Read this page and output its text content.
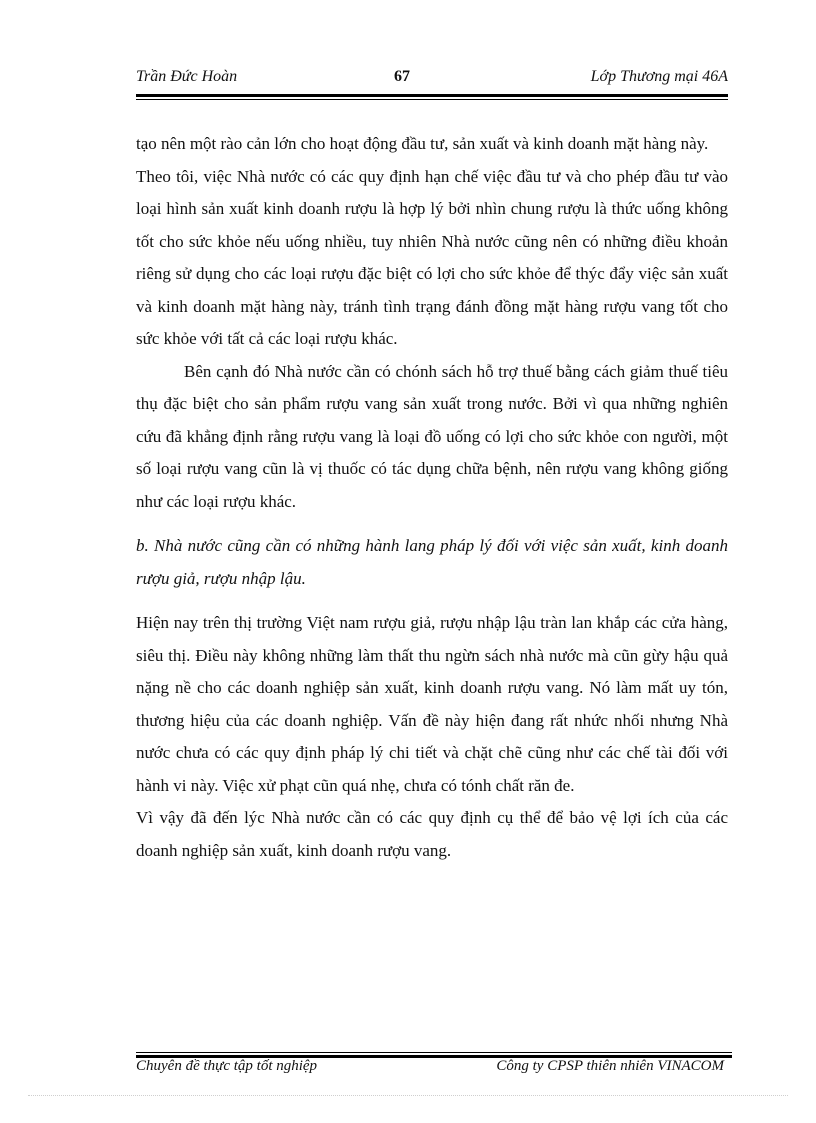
Trần Đức Hoàn	67	Lớp Thương mại 46A

tạo nên một rào cản lớn cho hoạt động đầu tư, sản xuất và kinh doanh mặt hàng này.

Theo tôi, việc Nhà nước có các quy định hạn chế việc đầu tư và cho phép đầu tư vào loại hình sản xuất kinh doanh rượu là hợp lý bởi nhìn chung rượu là thức uống không tốt cho sức khỏe nếu uống nhiều, tuy nhiên Nhà nước cũng nên có những điều khoản riêng sử dụng cho các loại rượu đặc biệt có lợi cho sức khỏe để thýc đẩy việc sản xuất và kinh doanh mặt hàng này, tránh tình trạng đánh đồng mặt hàng rượu vang tốt cho sức khỏe với tất cả các loại rượu khác.

Bên cạnh đó Nhà nước cần có chónh sách hỗ trợ thuế bằng cách giảm thuế tiêu thụ đặc biệt cho sản phẩm rượu vang sản xuất trong nước. Bởi vì qua những nghiên cứu đã khẳng định rằng rượu vang là loại đồ uống có lợi cho sức khỏe con người, một số loại rượu vang cũn là vị thuốc có tác dụng chữa bệnh, nên rượu vang không giống như các loại rượu khác.

b. Nhà nước cũng cần có những hành lang pháp lý đối với việc sản xuất, kinh doanh rượu giả, rượu nhập lậu.

Hiện nay trên thị trường Việt nam rượu giả, rượu nhập lậu tràn lan khắp các cửa hàng, siêu thị. Điều này không những làm thất thu ngừn sách nhà nước mà cũn gừy hậu quả nặng nề cho các doanh nghiệp sản xuất, kinh doanh rượu vang. Nó làm mất uy tón, thương hiệu của các doanh nghiệp. Vấn đề này hiện đang rất nhức nhối nhưng Nhà nước chưa có các quy định pháp lý chi tiết và chặt chẽ cũng như các chế tài đối với hành vi này. Việc xử phạt cũn quá nhẹ, chưa có tónh chất răn đe.

Vì vậy đã đến lýc Nhà nước cần có các quy định cụ thể để bảo vệ lợi ích của các doanh nghiệp sản xuất, kinh doanh rượu vang.

Chuyên đề thực tập tốt nghiệp	Công ty CPSP thiên nhiên VINACOM
